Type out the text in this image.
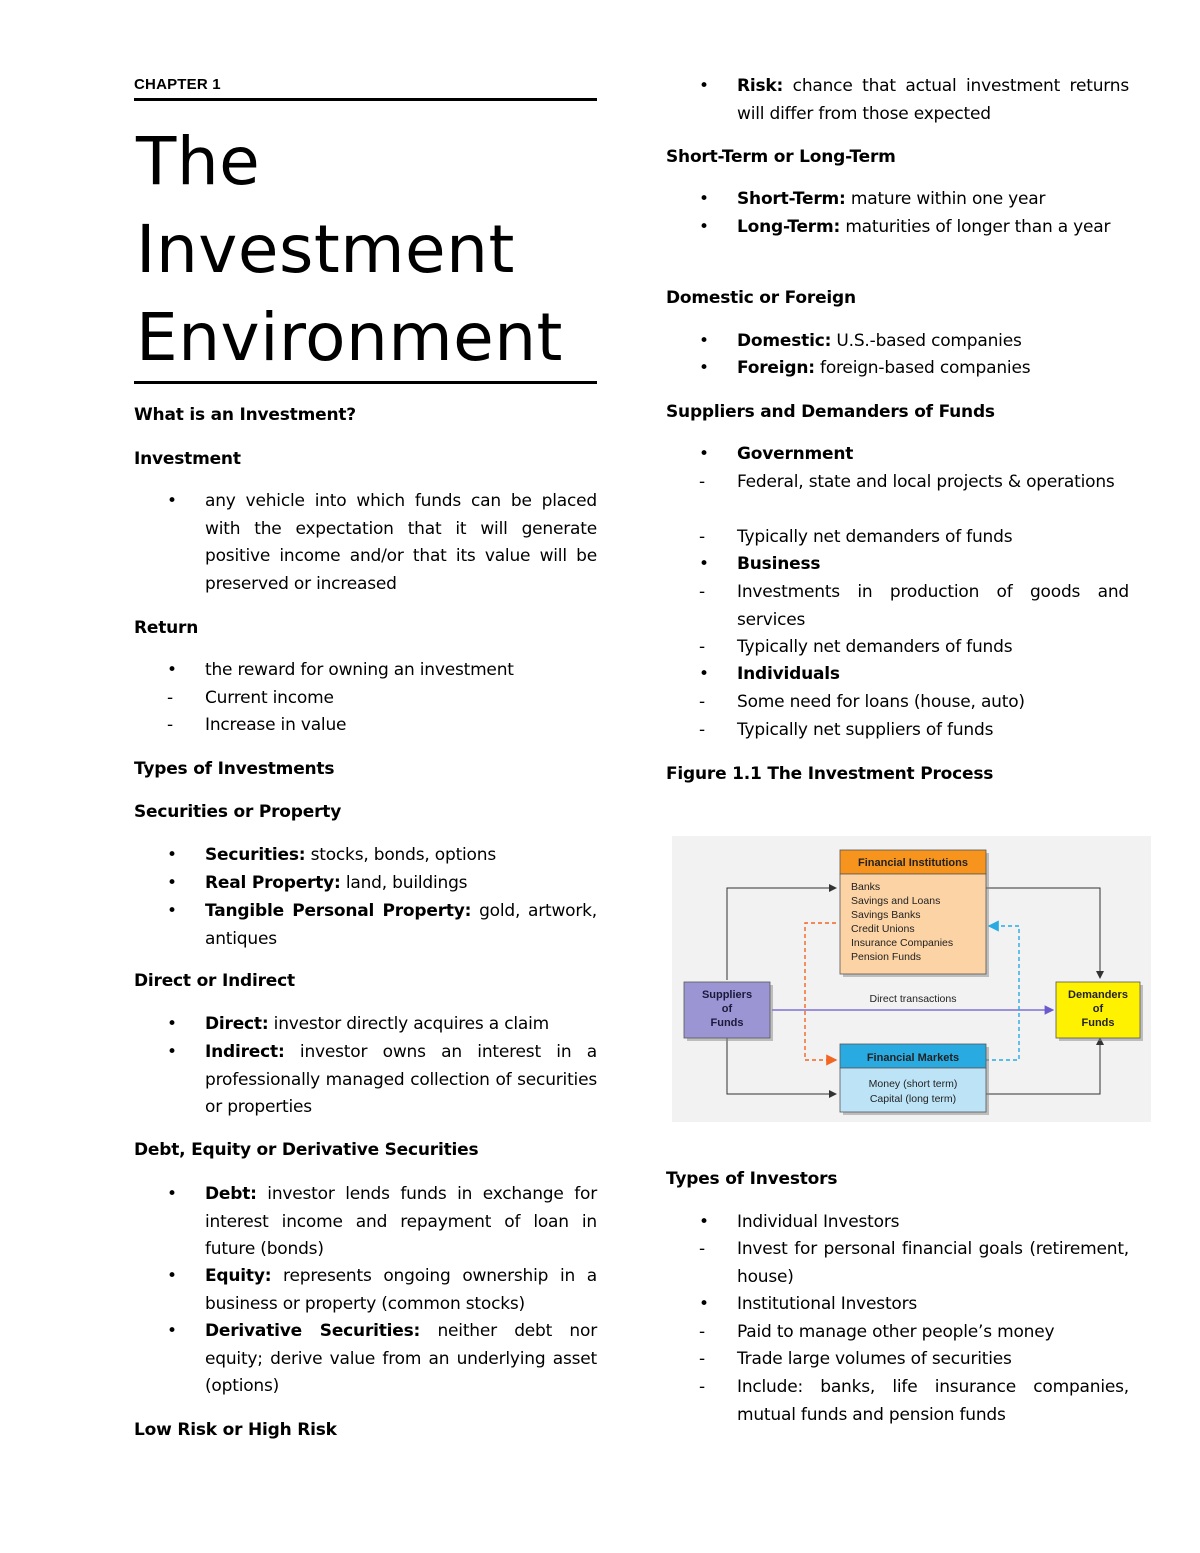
CHAPTER 1
The
Investment
Environment
What is an Investment?
Investment
•	any vehicle into which funds can be placed with the expectation that it will generate positive income and/or that its value will be preserved or increased
Return
•	the reward for owning an investment
-	Current income
-	Increase in value
Types of Investments
Securities or Property
•	Securities: stocks, bonds, options
•	Real Property: land, buildings
•	Tangible Personal Property: gold, artwork, antiques
Direct or Indirect
•	Direct: investor directly acquires a claim
•	Indirect: investor owns an interest in a professionally managed collection of securities or properties
Debt, Equity or Derivative Securities
•	Debt: investor lends funds in exchange for interest income and repayment of loan in future (bonds)
•	Equity: represents ongoing ownership in a business or property (common stocks)
•	Derivative Securities: neither debt nor equity; derive value from an underlying asset (options)
Low Risk or High Risk
•	Risk: chance that actual investment returns will differ from those expected
Short-Term or Long-Term
•	Short-Term: mature within one year
•	Long-Term: maturities of longer than a year
Domestic or Foreign
•	Domestic: U.S.-based companies
•	Foreign: foreign-based companies
Suppliers and Demanders of Funds
•	Government
-	Federal, state and local projects & operations
-	Typically net demanders of funds
•	Business
-	Investments in production of goods and services
-	Typically net demanders of funds
•	Individuals
-	Some need for loans (house, auto)
-	Typically net suppliers of funds
Figure 1.1 The Investment Process
Types of Investors
•	Individual Investors
-	Invest for personal financial goals (retirement, house)
•	Institutional Investors
-	Paid to manage other people’s money
-	Trade large volumes of securities
-	Include: banks, life insurance companies, mutual funds and pension funds
Financial Institutions
Banks
Savings and Loans
Savings Banks
Credit Unions
Insurance Companies
Pension Funds
Financial Markets
Money (short term)
Capital (long term)
Suppliers
of
Funds
Demanders
of
Funds
Direct transactions
